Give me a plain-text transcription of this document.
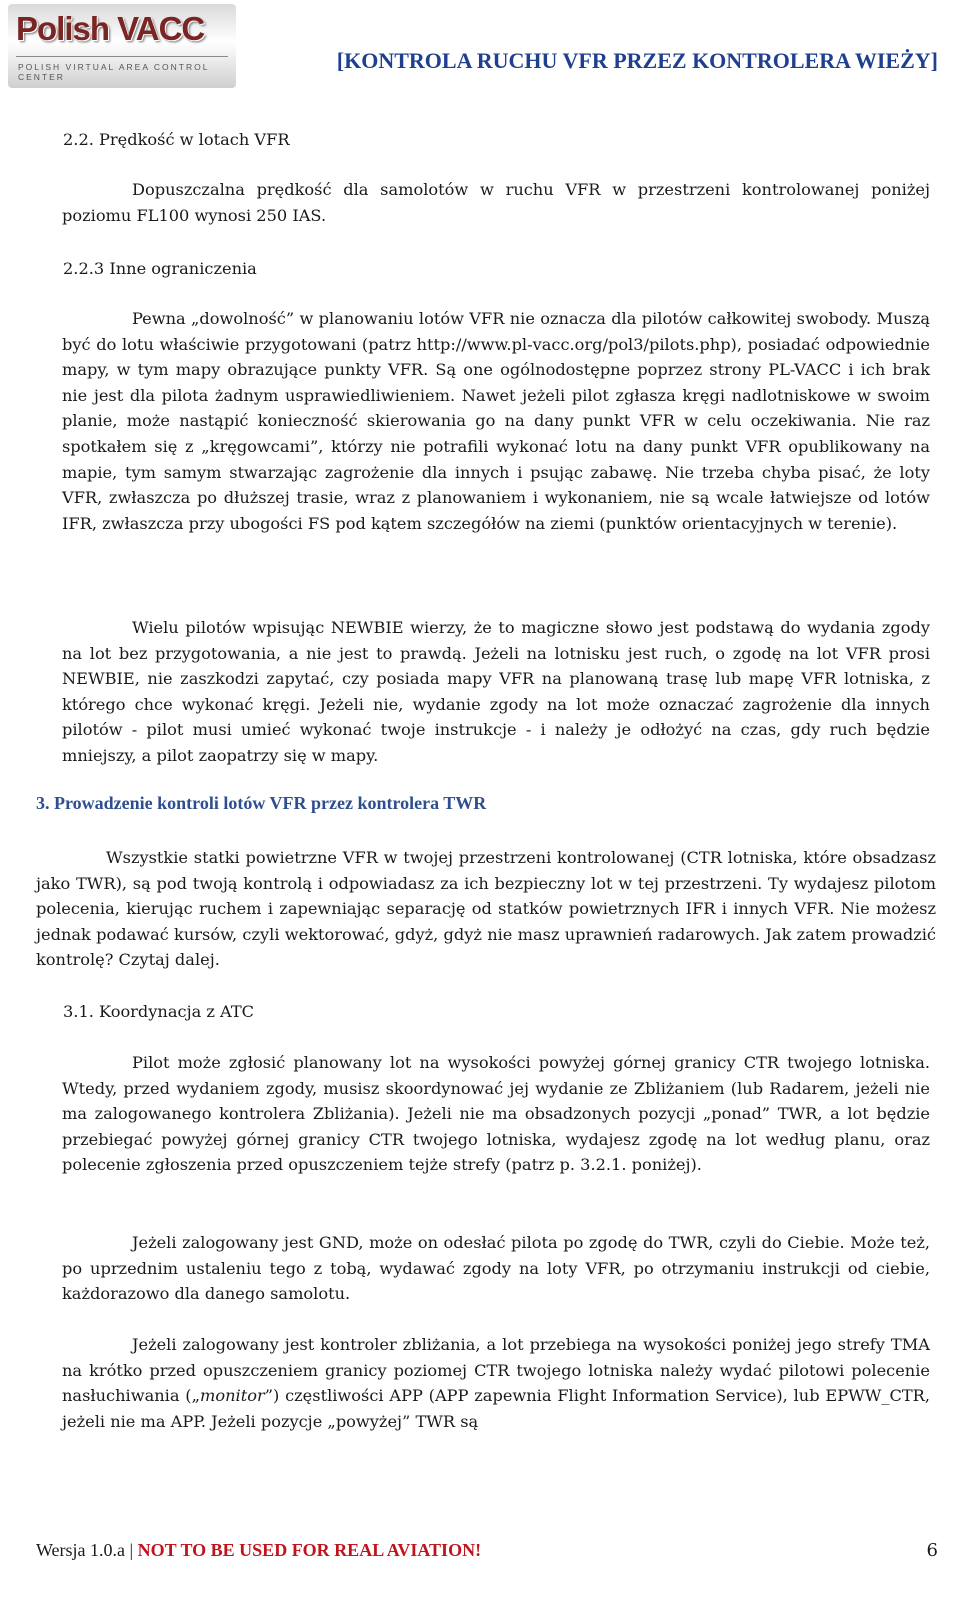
Polish VACC
POLISH VIRTUAL AREA CONTROL CENTER
[KONTROLA RUCHU VFR PRZEZ KONTROLERA WIEŻY]
2.2. Prędkość w lotach VFR
Dopuszczalna prędkość dla samolotów w ruchu VFR w przestrzeni kontrolowanej poniżej poziomu FL100 wynosi 250 IAS.
2.2.3 Inne ograniczenia
Pewna „dowolność” w planowaniu lotów VFR nie oznacza dla pilotów całkowitej swobody. Muszą być do lotu właściwie przygotowani (patrz http://www.pl-vacc.org/pol3/pilots.php), posiadać odpowiednie mapy, w tym mapy obrazujące punkty VFR. Są one ogólnodostępne poprzez strony PL-VACC i ich brak nie jest dla pilota żadnym usprawiedliwieniem. Nawet jeżeli pilot zgłasza kręgi nadlotniskowe w swoim planie, może nastąpić konieczność skierowania go na dany punkt VFR w celu oczekiwania. Nie raz spotkałem się z „kręgowcami”, którzy nie potrafili wykonać lotu na dany punkt VFR opublikowany na mapie, tym samym stwarzając zagrożenie dla innych i psując zabawę. Nie trzeba chyba pisać, że loty VFR, zwłaszcza po dłuższej trasie, wraz z planowaniem i wykonaniem, nie są wcale łatwiejsze od lotów IFR, zwłaszcza przy ubogości FS pod kątem szczegółów na ziemi (punktów orientacyjnych w terenie).
Wielu pilotów wpisując NEWBIE wierzy, że to magiczne słowo jest podstawą do wydania zgody na lot bez przygotowania, a nie jest to prawdą. Jeżeli na lotnisku jest ruch, o zgodę na lot VFR prosi NEWBIE, nie zaszkodzi zapytać, czy posiada mapy VFR na planowaną trasę lub mapę VFR lotniska, z którego chce wykonać kręgi. Jeżeli nie, wydanie zgody na lot może oznaczać zagrożenie dla innych pilotów - pilot musi umieć wykonać twoje instrukcje - i należy je odłożyć na czas, gdy ruch będzie mniejszy, a pilot zaopatrzy się w mapy.
3. Prowadzenie kontroli lotów VFR przez kontrolera TWR
Wszystkie statki powietrzne VFR w twojej przestrzeni kontrolowanej (CTR lotniska, które obsadzasz jako TWR), są pod twoją kontrolą i odpowiadasz za ich bezpieczny lot w tej przestrzeni. Ty wydajesz pilotom polecenia, kierując ruchem i zapewniając separację od statków powietrznych IFR i innych VFR. Nie możesz jednak podawać kursów, czyli wektorować, gdyż, gdyż nie masz uprawnień radarowych. Jak zatem prowadzić kontrolę? Czytaj dalej.
3.1. Koordynacja z ATC
Pilot może zgłosić planowany lot na wysokości powyżej górnej granicy CTR twojego lotniska. Wtedy, przed wydaniem zgody, musisz skoordynować jej wydanie ze Zbliżaniem (lub Radarem, jeżeli nie ma zalogowanego kontrolera Zbliżania). Jeżeli nie ma obsadzonych pozycji „ponad” TWR, a lot będzie przebiegać powyżej górnej granicy CTR twojego lotniska, wydajesz zgodę na lot według planu, oraz polecenie zgłoszenia przed opuszczeniem tejże strefy (patrz p. 3.2.1. poniżej).
Jeżeli zalogowany jest GND, może on odesłać pilota po zgodę do TWR, czyli do Ciebie. Może też, po uprzednim ustaleniu tego z tobą, wydawać zgody na loty VFR, po otrzymaniu instrukcji od ciebie, każdorazowo dla danego samolotu.
Jeżeli zalogowany jest kontroler zbliżania, a lot przebiega na wysokości poniżej jego strefy TMA na krótko przed opuszczeniem granicy poziomej CTR twojego lotniska należy wydać pilotowi polecenie nasłuchiwania („monitor”) częstliwości APP (APP zapewnia Flight Information Service), lub EPWW_CTR, jeżeli nie ma APP. Jeżeli pozycje „powyżej” TWR są
Wersja 1.0.a | NOT TO BE USED FOR REAL AVIATION!	6
